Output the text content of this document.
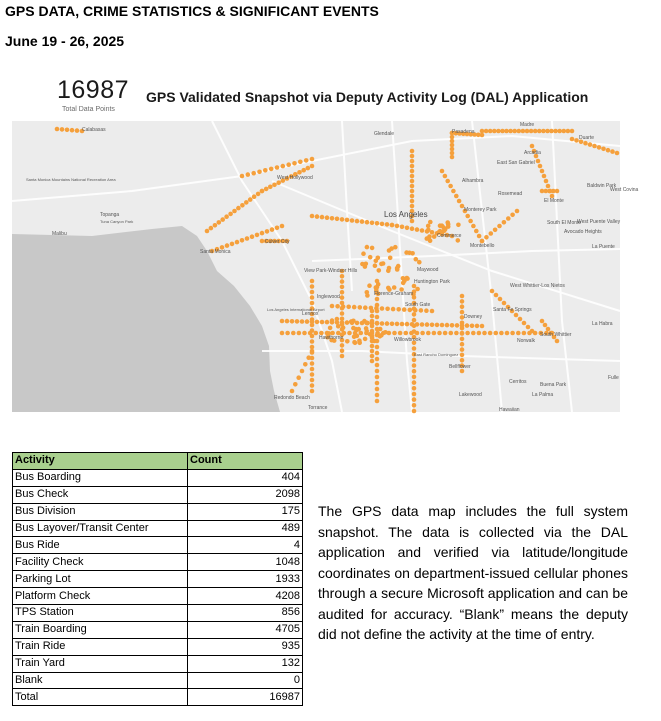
GPS DATA, CRIME STATISTICS & SIGNIFICANT EVENTS
June 19 - 26, 2025
16987
Total Data Points
GPS Validated Snapshot via Deputy Activity Log (DAL) Application
Calabasas
Glendale	Pasadena
Madre
Arcadia
Duarte
West Hollywood
Los Angeles
Alhambra
East San Gabriel
Rosemead
El Monte
Baldwin Park
West Covina
Monterey Park
South El Monte
West Puente Valley
Avocado Heights
La Puente
Malibu
Topanga
Santa Monica Mountains National Recreation Area
Tuna Canyon Park
Santa Monica
Culver City
Montebello
View Park-Windsor Hills
Commerce
Maywood
Huntington Park
West Whittier-Los Nietos
Florence-Graham
Inglewood
South Gate
Los Angeles International Airport
Lennox
Santa Fe Springs
Downey
La Habra
Hawthorne	Willowbrook	Norwalk
South Whittier
East Rancho Dominguez
Bellflower
Cerritos	Buena Park
Fulle
Redondo Beach
Torrance
Lakewood	La Palma
Hawaiian
Activity	Count
Bus Boarding	404
Bus Check	2098
Bus Division	175
Bus Layover/Transit Center	489
Bus Ride	4
Facility Check	1048
Parking Lot	1933
Platform Check	4208
TPS Station	856
Train Boarding	4705
Train Ride	935
Train Yard	132
Blank	0
Total	16987
The GPS data map includes the full system snapshot. The data is collected via the DAL application and verified via latitude/longitude coordinates on department-issued cellular phones through a secure Microsoft application and can be audited for accuracy. “Blank” means the deputy did not define the activity at the time of entry.
